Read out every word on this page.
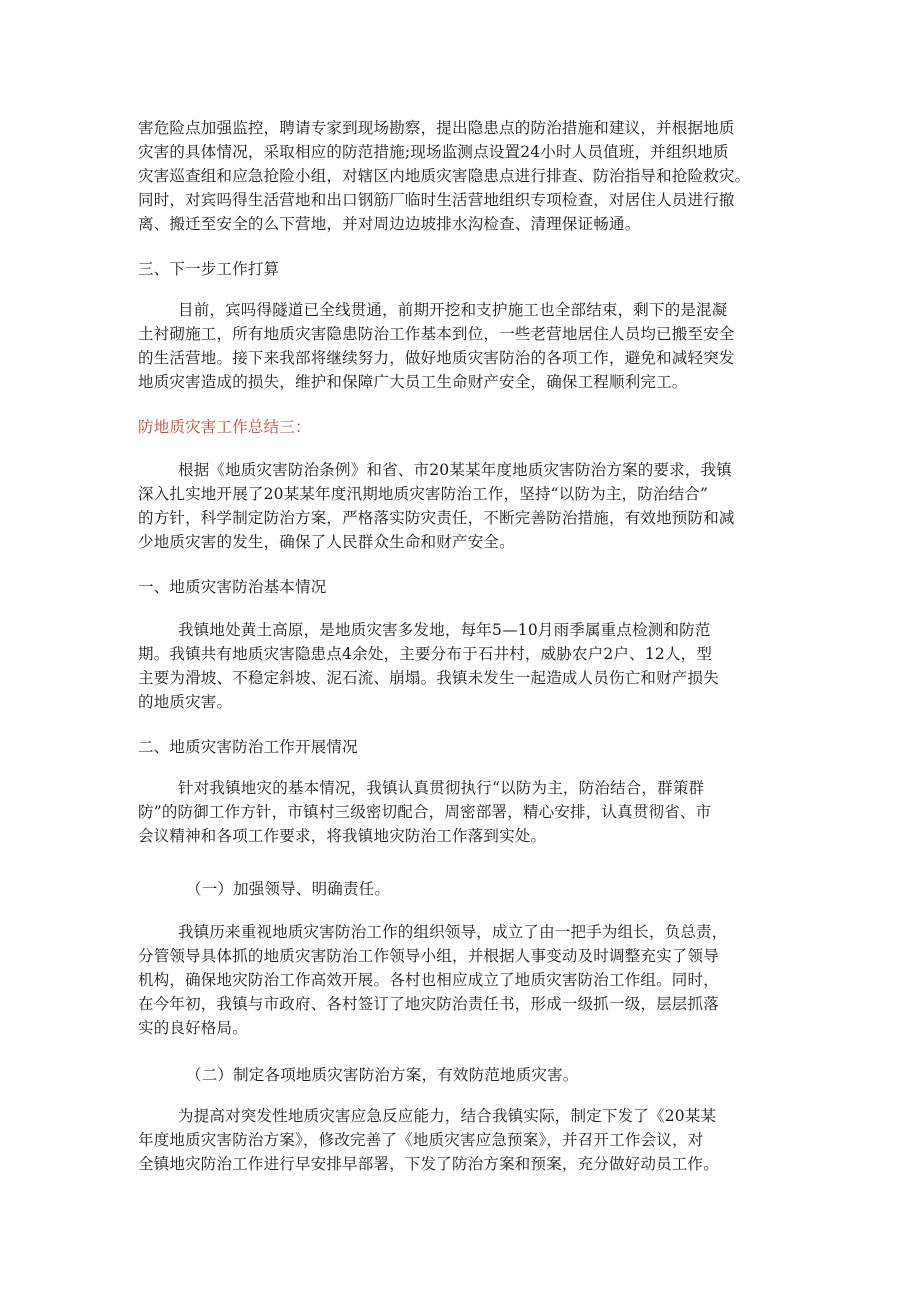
害危险点加强监控，聘请专家到现场勘察，提出隐患点的防治措施和建议，并根据地质
灾害的具体情况，采取相应的防范措施;现场监测点设置24小时人员值班，并组织地质
灾害巡查组和应急抢险小组，对辖区内地质灾害隐患点进行排查、防治指导和抢险救灾。
同时，对宾吗得生活营地和出口钢筋厂临时生活营地组织专项检查，对居住人员进行撤
离、搬迁至安全的么下营地，并对周边边坡排水沟检查、清理保证畅通。
三、下一步工作打算
目前，宾吗得隧道已全线贯通，前期开挖和支护施工也全部结束，剩下的是混凝
土衬砌施工，所有地质灾害隐患防治工作基本到位，一些老营地居住人员均已搬至安全
的生活营地。接下来我部将继续努力，做好地质灾害防治的各项工作，避免和减轻突发
地质灾害造成的损失，维护和保障广大员工生命财产安全，确保工程顺利完工。
防地质灾害工作总结三：
根据《地质灾害防治条例》和省、市20某某年度地质灾害防治方案的要求，我镇
深入扎实地开展了20某某年度汛期地质灾害防治工作，坚持“以防为主，防治结合”
的方针，科学制定防治方案，严格落实防灾责任，不断完善防治措施，有效地预防和减
少地质灾害的发生，确保了人民群众生命和财产安全。
一、地质灾害防治基本情况
我镇地处黄土高原，是地质灾害多发地，每年5—10月雨季属重点检测和防范
期。我镇共有地质灾害隐患点4余处，主要分布于石井村，威胁农户2户、12人，型
主要为滑坡、不稳定斜坡、泥石流、崩塌。我镇未发生一起造成人员伤亡和财产损失
的地质灾害。
二、地质灾害防治工作开展情况
针对我镇地灾的基本情况，我镇认真贯彻执行“以防为主，防治结合，群策群
防”的防御工作方针，市镇村三级密切配合，周密部署，精心安排，认真贯彻省、市
会议精神和各项工作要求，将我镇地灾防治工作落到实处。
（一）加强领导、明确责任。
我镇历来重视地质灾害防治工作的组织领导，成立了由一把手为组长，负总责，
分管领导具体抓的地质灾害防治工作领导小组，并根据人事变动及时调整充实了领导
机构，确保地灾防治工作高效开展。各村也相应成立了地质灾害防治工作组。同时，
在今年初，我镇与市政府、各村签订了地灾防治责任书，形成一级抓一级，层层抓落
实的良好格局。
（二）制定各项地质灾害防治方案，有效防范地质灾害。
为提高对突发性地质灾害应急反应能力，结合我镇实际，制定下发了《20某某
年度地质灾害防治方案》，修改完善了《地质灾害应急预案》，并召开工作会议，对
全镇地灾防治工作进行早安排早部署，下发了防治方案和预案，充分做好动员工作。
